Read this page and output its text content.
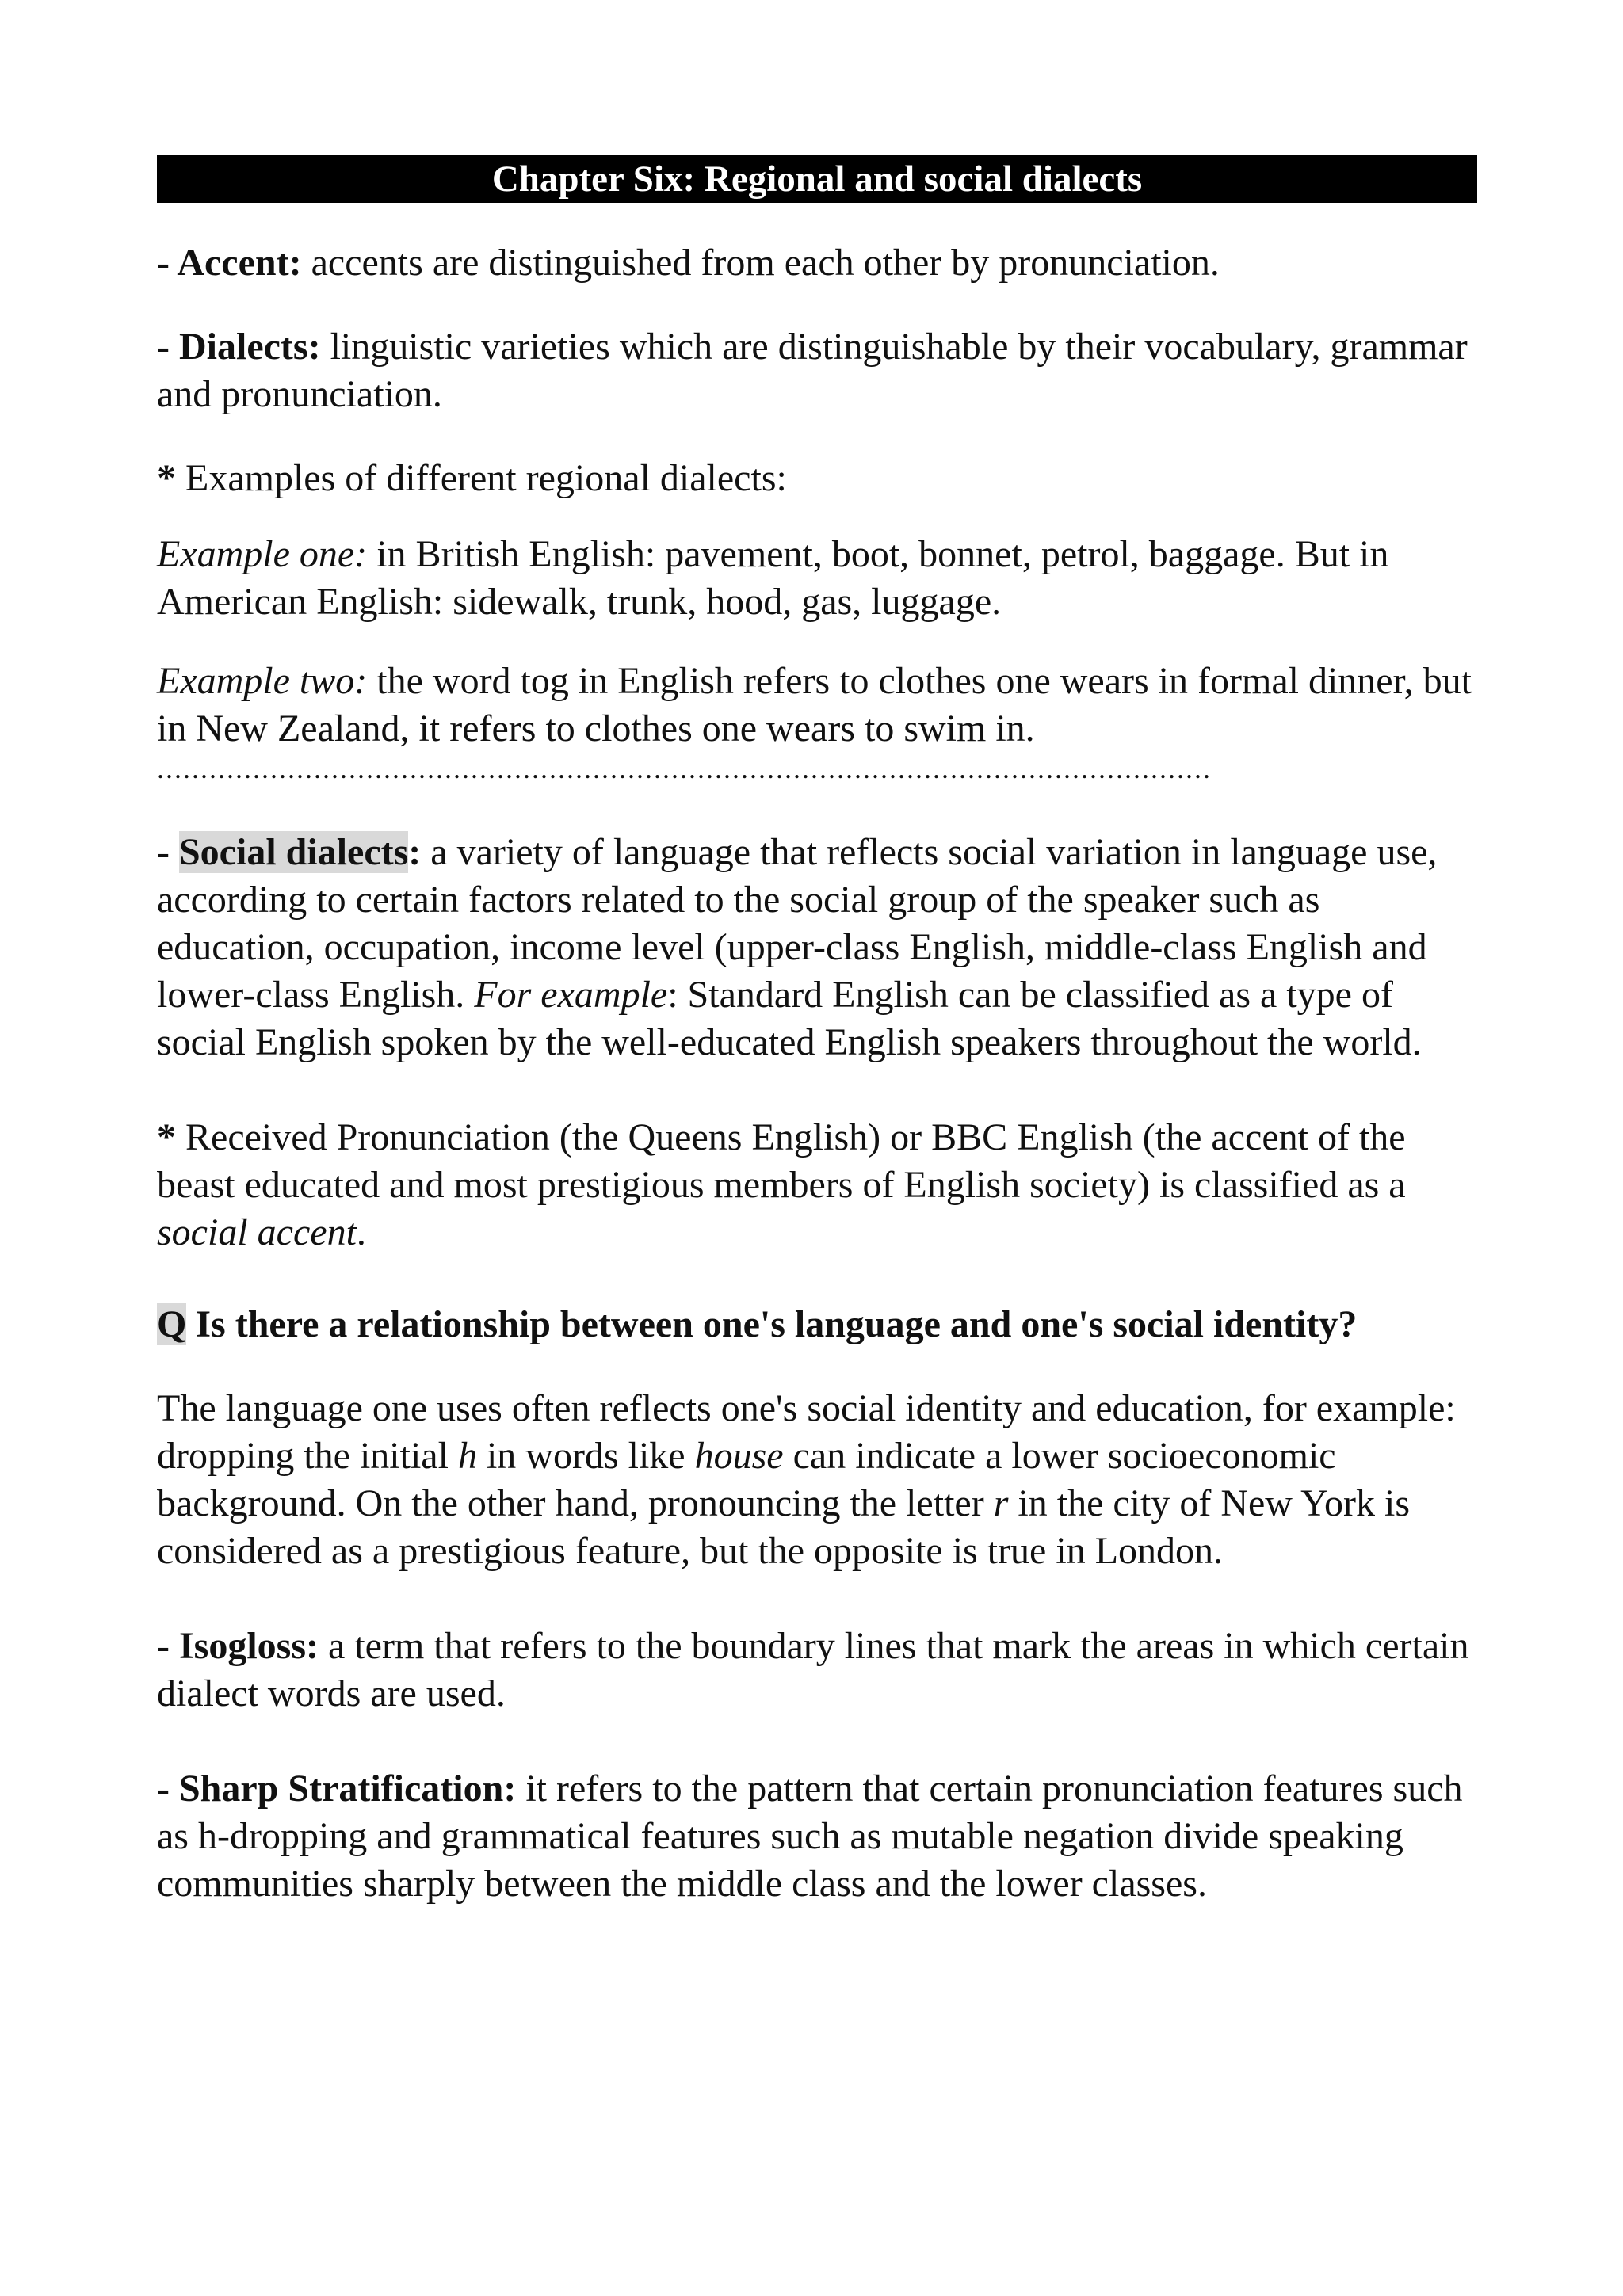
Chapter Six: Regional and social dialects

- Accent: accents are distinguished from each other by pronunciation.

- Dialects: linguistic varieties which are distinguishable by their vocabulary, grammar and pronunciation.

* Examples of different regional dialects:

Example one: in British English: pavement, boot, bonnet, petrol, baggage. But in American English: sidewalk, trunk, hood, gas, luggage.

Example two: the word tog in English refers to clothes one wears in formal dinner, but in New Zealand, it refers to clothes one wears to swim in.

.........................................................................................................................

- Social dialects: a variety of language that reflects social variation in language use, according to certain factors related to the social group of the speaker such as education, occupation, income level (upper-class English, middle-class English and lower-class English. For example: Standard English can be classified as a type of social English spoken by the well-educated English speakers throughout the world.

* Received Pronunciation (the Queens English) or BBC English (the accent of the beast educated and most prestigious members of English society) is classified as a social accent.

Q Is there a relationship between one's language and one's social identity?

The language one uses often reflects one's social identity and education, for example: dropping the initial h in words like house can indicate a lower socioeconomic background. On the other hand, pronouncing the letter r in the city of New York is considered as a prestigious feature, but the opposite is true in London.

- Isogloss: a term that refers to the boundary lines that mark the areas in which certain dialect words are used.

- Sharp Stratification: it refers to the pattern that certain pronunciation features such as h-dropping and grammatical features such as mutable negation divide speaking communities sharply between the middle class and the lower classes.
